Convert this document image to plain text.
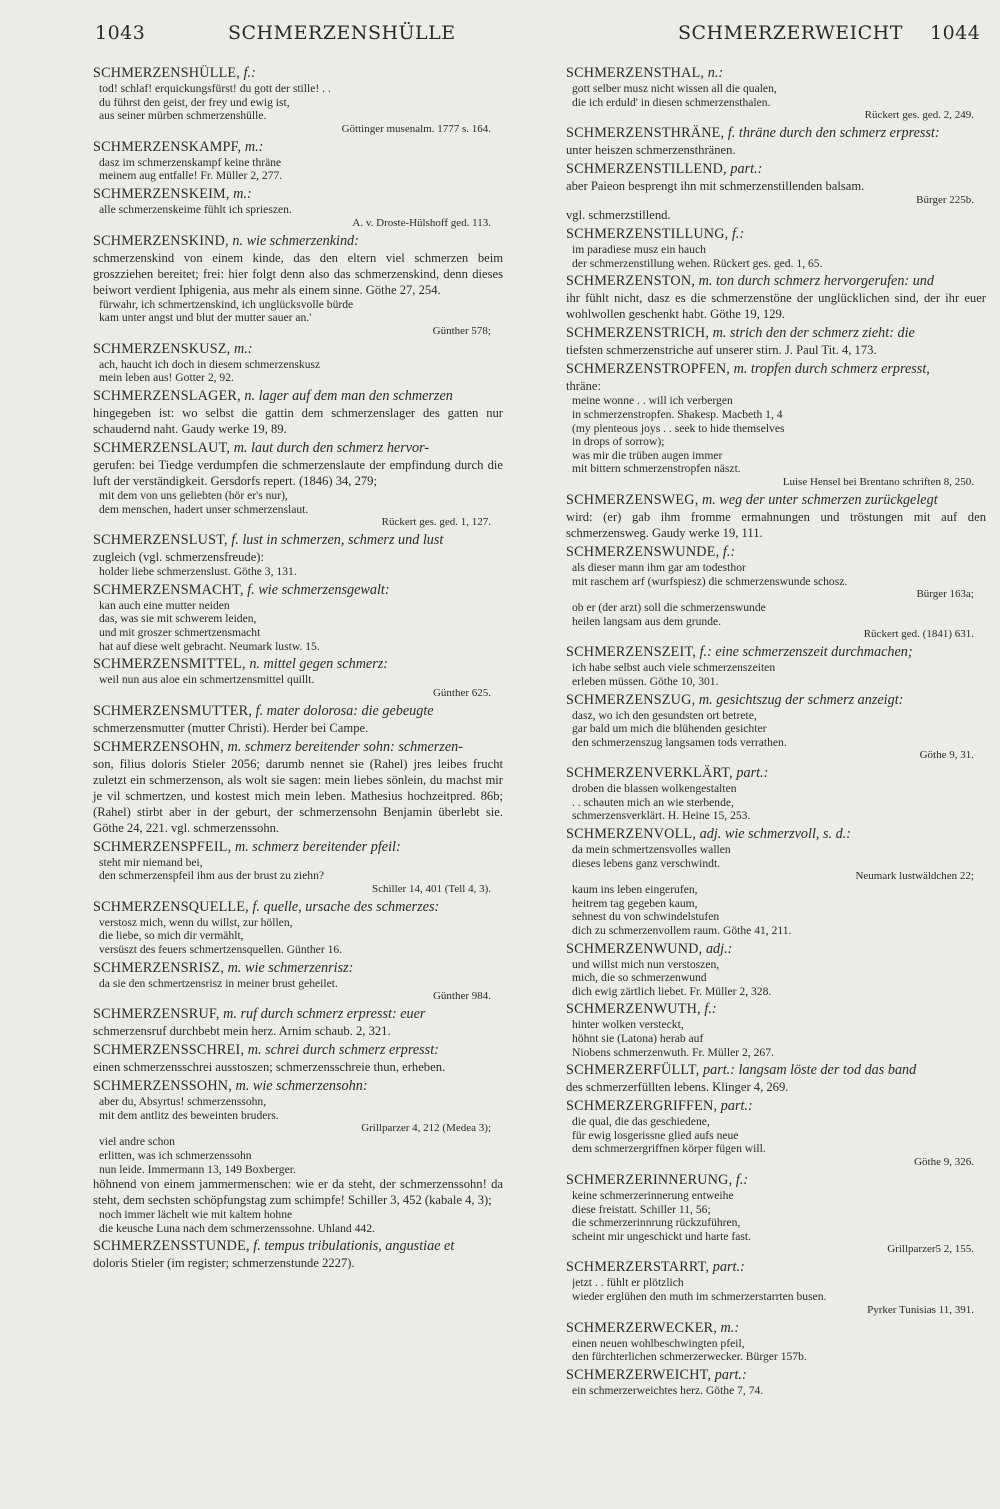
1043	SCHMERZENSHÜLLE	SCHMERZERWEICHT 1044
SCHMERZENSHÜLLE, f.:
tod! schlaf! erquickungsfürst! du gott der stille! . .
du führst den geist, der frey und ewig ist,
aus seiner mürben schmerzenshülle.
Göttinger musenalm. 1777 s. 164.
SCHMERZENSKAMPF, m.:
dasz im schmerzenskampf keine thräne
meinem aug entfalle! Fr. Müller 2, 277.
SCHMERZENSKEIM, m.:
alle schmerzenskeime fühlt ich sprieszen.
A. v. Droste-Hülshoff ged. 113.
SCHMERZENSKIND, n. wie schmerzenkind:
schmerzenskind von einem kinde, das den eltern viel schmerzen beim groszziehen bereitet; frei: hier folgt denn also das schmerzenskind, denn dieses beiwort verdient Iphigenia, aus mehr als einem sinne. Göthe 27, 254.
fürwahr, ich schmertzenskind, ich unglücksvolle bürde
kam unter angst und blut der mutter sauer an.'
Günther 578;
SCHMERZENSKUSZ, m.:
ach, haucht ich doch in diesem schmerzenskusz
mein leben aus! Gotter 2, 92.
SCHMERZENSLAGER, n. lager auf dem man den schmerzen
hingegeben ist: wo selbst die gattin dem schmerzenslager des gatten nur schaudernd naht. Gaudy werke 19, 89.
SCHMERZENSLAUT, m. laut durch den schmerz hervor-
gerufen: bei Tiedge verdumpfen die schmerzenslaute der empfindung durch die luft der verständigkeit. Gersdorfs repert. (1846) 34, 279;
mit dem von uns geliebten (hör er's nur),
dem menschen, hadert unser schmerzenslaut.
Rückert ges. ged. 1, 127.
SCHMERZENSLUST, f. lust in schmerzen, schmerz und lust
zugleich (vgl. schmerzensfreude):
holder liebe schmerzenslust. Göthe 3, 131.
SCHMERZENSMACHT, f. wie schmerzensgewalt:
kan auch eine mutter neiden
das, was sie mit schwerem leiden,
und mit groszer schmertzensmacht
hat auf diese welt gebracht. Neumark lustw. 15.
SCHMERZENSMITTEL, n. mittel gegen schmerz:
weil nun aus aloe ein schmertzensmittel quillt.
Günther 625.
SCHMERZENSMUTTER, f. mater dolorosa: die gebeugte
schmerzensmutter (mutter Christi). Herder bei Campe.
SCHMERZENSOHN, m. schmerz bereitender sohn: schmerzen-
son, filius doloris Stieler 2056; darumb nennet sie (Rahel) jres leibes frucht zuletzt ein schmerzenson, als wolt sie sagen: mein liebes sönlein, du machst mir je vil schmertzen, und kostest mich mein leben. Mathesius hochzeitpred. 86b; (Rahel) stirbt aber in der geburt, der schmerzensohn Benjamin überlebt sie. Göthe 24, 221. vgl. schmerzenssohn.
SCHMERZENSPFEIL, m. schmerz bereitender pfeil:
steht mir niemand bei,
den schmerzenspfeil ihm aus der brust zu ziehn?
Schiller 14, 401 (Tell 4, 3).
SCHMERZENSQUELLE, f. quelle, ursache des schmerzes:
verstosz mich, wenn du willst, zur höllen,
die liebe, so mich dir vermählt,
versüszt des feuers schmertzensquellen. Günther 16.
SCHMERZENSRISZ, m. wie schmerzenrisz:
da sie den schmertzensrisz in meiner brust geheilet.
Günther 984.
SCHMERZENSRUF, m. ruf durch schmerz erpresst: euer
schmerzensruf durchbebt mein herz. Arnim schaub. 2, 321.
SCHMERZENSSCHREI, m. schrei durch schmerz erpresst:
einen schmerzensschrei ausstoszen; schmerzensschreie thun, erheben.
SCHMERZENSSOHN, m. wie schmerzensohn:
aber du, Absyrtus! schmerzenssohn,
mit dem antlitz des beweinten bruders.
Grillparzer 4, 212 (Medea 3);
viel andre schon
erlitten, was ich schmerzenssohn
nun leide. Immermann 13, 149 Boxberger.
höhnend von einem jammermenschen: wie er da steht, der schmerzenssohn! da steht, dem sechsten schöpfungstag zum schimpfe! Schiller 3, 452 (kabale 4, 3);
noch immer lächelt wie mit kaltem hohne
die keusche Luna nach dem schmerzenssohne. Uhland 442.
SCHMERZENSSTUNDE, f. tempus tribulationis, angustiae et
doloris Stieler (im register; schmerzenstunde 2227).
SCHMERZENSTHAL, n.:
gott selber musz nicht wissen all die qualen,
die ich erduld' in diesen schmerzensthalen.
Rückert ges. ged. 2, 249.
SCHMERZENSTHRÄNE, f. thräne durch den schmerz erpresst:
unter heiszen schmerzensthränen.
SCHMERZENSTILLEND, part.:
aber Paieon besprengt ihn mit schmerzenstillenden balsam.
Bürger 225b.
vgl. schmerzstillend.
SCHMERZENSTILLUNG, f.:
im paradiese musz ein hauch
der schmerzenstillung wehen. Rückert ges. ged. 1, 65.
SCHMERZENSTON, m. ton durch schmerz hervorgerufen: und
ihr fühlt nicht, dasz es die schmerzenstöne der unglücklichen sind, der ihr euer wohlwollen geschenkt habt. Göthe 19, 129.
SCHMERZENSTRICH, m. strich den der schmerz zieht: die
tiefsten schmerzenstriche auf unserer stirn. J. Paul Tit. 4, 173.
SCHMERZENSTROPFEN, m. tropfen durch schmerz erpresst,
thräne:
meine wonne . . will ich verbergen
in schmerzenstropfen. Shakesp. Macbeth 1, 4
(my plenteous joys . . seek to hide themselves
in drops of sorrow);
was mir die trüben augen immer
mit bittern schmerzenstropfen näszt.
Luise Hensel bei Brentano schriften 8, 250.
SCHMERZENSWEG, m. weg der unter schmerzen zurückgelegt
wird: (er) gab ihm fromme ermahnungen und tröstungen mit auf den schmerzensweg. Gaudy werke 19, 111.
SCHMERZENSWUNDE, f.:
als dieser mann ihm gar am todesthor
mit raschem arf (wurfspiesz) die schmerzenswunde schosz.
Bürger 163a;
ob er (der arzt) soll die schmerzenswunde
heilen langsam aus dem grunde.
Rückert ged. (1841) 631.
SCHMERZENSZEIT, f.: eine schmerzenszeit durchmachen;
ich habe selbst auch viele schmerzenszeiten
erleben müssen. Göthe 10, 301.
SCHMERZENSZUG, m. gesichtszug der schmerz anzeigt:
dasz, wo ich den gesundsten ort betrete,
gar bald um mich die blühenden gesichter
den schmerzenszug langsamen tods verrathen.
Göthe 9, 31.
SCHMERZENVERKLÄRT, part.:
droben die blassen wolkengestalten
. . schauten mich an wie sterbende,
schmerzensverklärt. H. Heine 15, 253.
SCHMERZENVOLL, adj. wie schmerzvoll, s. d.:
da mein schmertzensvolles wallen
dieses lebens ganz verschwindt.
Neumark lustwäldchen 22;
kaum ins leben eingerufen,
heitrem tag gegeben kaum,
sehnest du von schwindelstufen
dich zu schmerzenvollem raum. Göthe 41, 211.
SCHMERZENWUND, adj.:
und willst mich nun verstoszen,
mich, die so schmerzenwund
dich ewig zärtlich liebet. Fr. Müller 2, 328.
SCHMERZENWUTH, f.:
hinter wolken versteckt,
höhnt sie (Latona) herab auf
Niobens schmerzenwuth. Fr. Müller 2, 267.
SCHMERZERFÜLLT, part.: langsam löste der tod das band
des schmerzerfüllten lebens. Klinger 4, 269.
SCHMERZERGRIFFEN, part.:
die qual, die das geschiedene,
für ewig losgerissne glied aufs neue
dem schmerzergriffnen körper fügen will.
Göthe 9, 326.
SCHMERZERINNERUNG, f.:
keine schmerzerinnerung entweihe
diese freistatt. Schiller 11, 56;
die schmerzerinnrung rückzuführen,
scheint mir ungeschickt und harte fast.
Grillparzer5 2, 155.
SCHMERZERSTARRT, part.:
jetzt . . fühlt er plötzlich
wieder erglühen den muth im schmerzerstarrten busen.
Pyrker Tunisias 11, 391.
SCHMERZERWECKER, m.:
einen neuen wohlbeschwingten pfeil,
den fürchterlichen schmerzerwecker. Bürger 157b.
SCHMERZERWEICHT, part.:
ein schmerzerweichtes herz. Göthe 7, 74.
